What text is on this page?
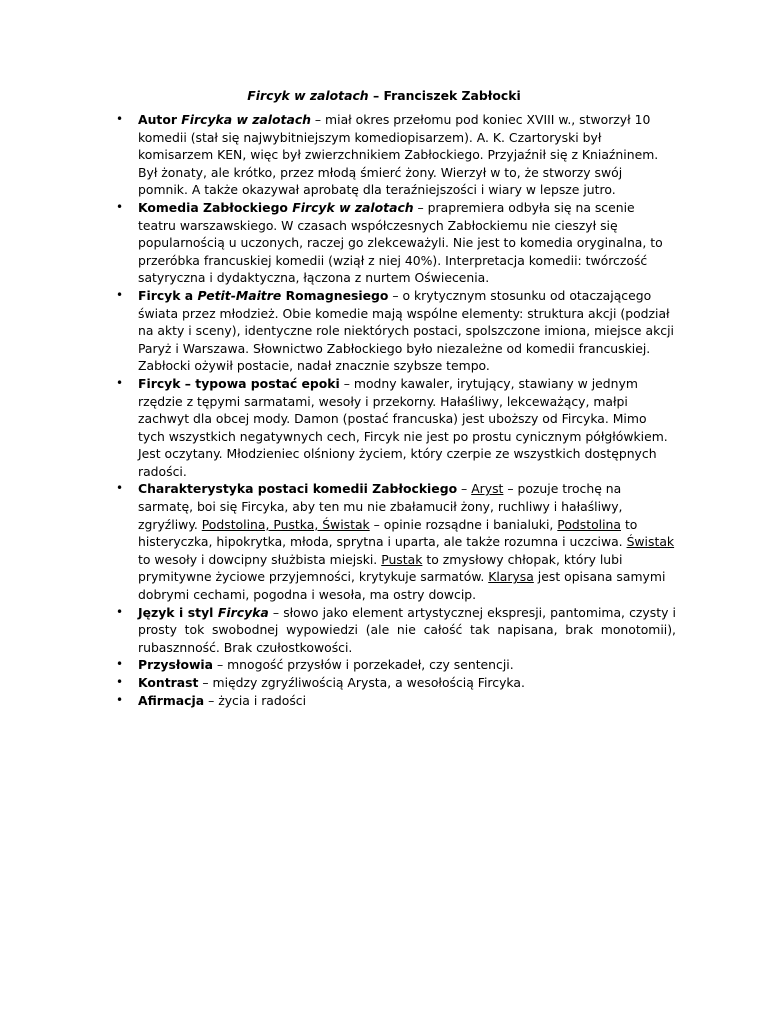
Fircyk w zalotach – Franciszek Zabłocki
• Autor Fircyka w zalotach – miał okres przełomu pod koniec XVIII w., stworzył 10 komedii (stał się najwybitniejszym komediopisarzem). A. K. Czartoryski był komisarzem KEN, więc był zwierzchnikiem Zabłockiego. Przyjaźnił się z Kniaźninem. Był żonaty, ale krótko, przez młodą śmierć żony. Wierzył w to, że stworzy swój pomnik. A także okazywał aprobatę dla teraźniejszości i wiary w lepsze jutro.
• Komedia Zabłockiego Fircyk w zalotach – prapremiera odbyła się na scenie teatru warszawskiego. W czasach współczesnych Zabłockiemu nie cieszył się popularnością u uczonych, raczej go zlekceważyli. Nie jest to komedia oryginalna, to przeróbka francuskiej komedii (wziął z niej 40%). Interpretacja komedii: twórczość satyryczna i dydaktyczna, łączona z nurtem Oświecenia.
• Fircyk a Petit-Maitre Romagnesiego – o krytycznym stosunku od otaczającego świata przez młodzież. Obie komedie mają wspólne elementy: struktura akcji (podział na akty i sceny), identyczne role niektórych postaci, spolszczone imiona, miejsce akcji Paryż i Warszawa. Słownictwo Zabłockiego było niezależne od komedii francuskiej. Zabłocki ożywił postacie, nadał znacznie szybsze tempo.
• Fircyk – typowa postać epoki – modny kawaler, irytujący, stawiany w jednym rzędzie z tępymi sarmatami, wesoły i przekorny. Hałaśliwy, lekceważący, małpi zachwyt dla obcej mody. Damon (postać francuska) jest uboższy od Fircyka. Mimo tych wszystkich negatywnych cech, Fircyk nie jest po prostu cynicznym półgłówkiem. Jest oczytany. Młodzieniec olśniony życiem, który czerpie ze wszystkich dostępnych radości.
• Charakterystyka postaci komedii Zabłockiego – Aryst – pozuje trochę na sarmatę, boi się Fircyka, aby ten mu nie zbałamucił żony, ruchliwy i hałaśliwy, zgryźliwy. Podstolina, Pustka, Świstak – opinie rozsądne i banialuki, Podstolina to histeryczka, hipokrytka, młoda, sprytna i uparta, ale także rozumna i uczciwa. Świstak to wesoły i dowcipny służbista miejski. Pustak to zmysłowy chłopak, który lubi prymitywne życiowe przyjemności, krytykuje sarmatów. Klarysa jest opisana samymi dobrymi cechami, pogodna i wesoła, ma ostry dowcip.
• Język i styl Fircyka – słowo jako element artystycznej ekspresji, pantomima, czysty i prosty tok swobodnej wypowiedzi (ale nie całość tak napisana, brak monotomii), rubasznność. Brak czułostkowości.
• Przysłowia – mnogość przysłów i porzekadeł, czy sentencji.
• Kontrast – między zgryźliwością Arysta, a wesołością Fircyka.
• Afirmacja – życia i radości
